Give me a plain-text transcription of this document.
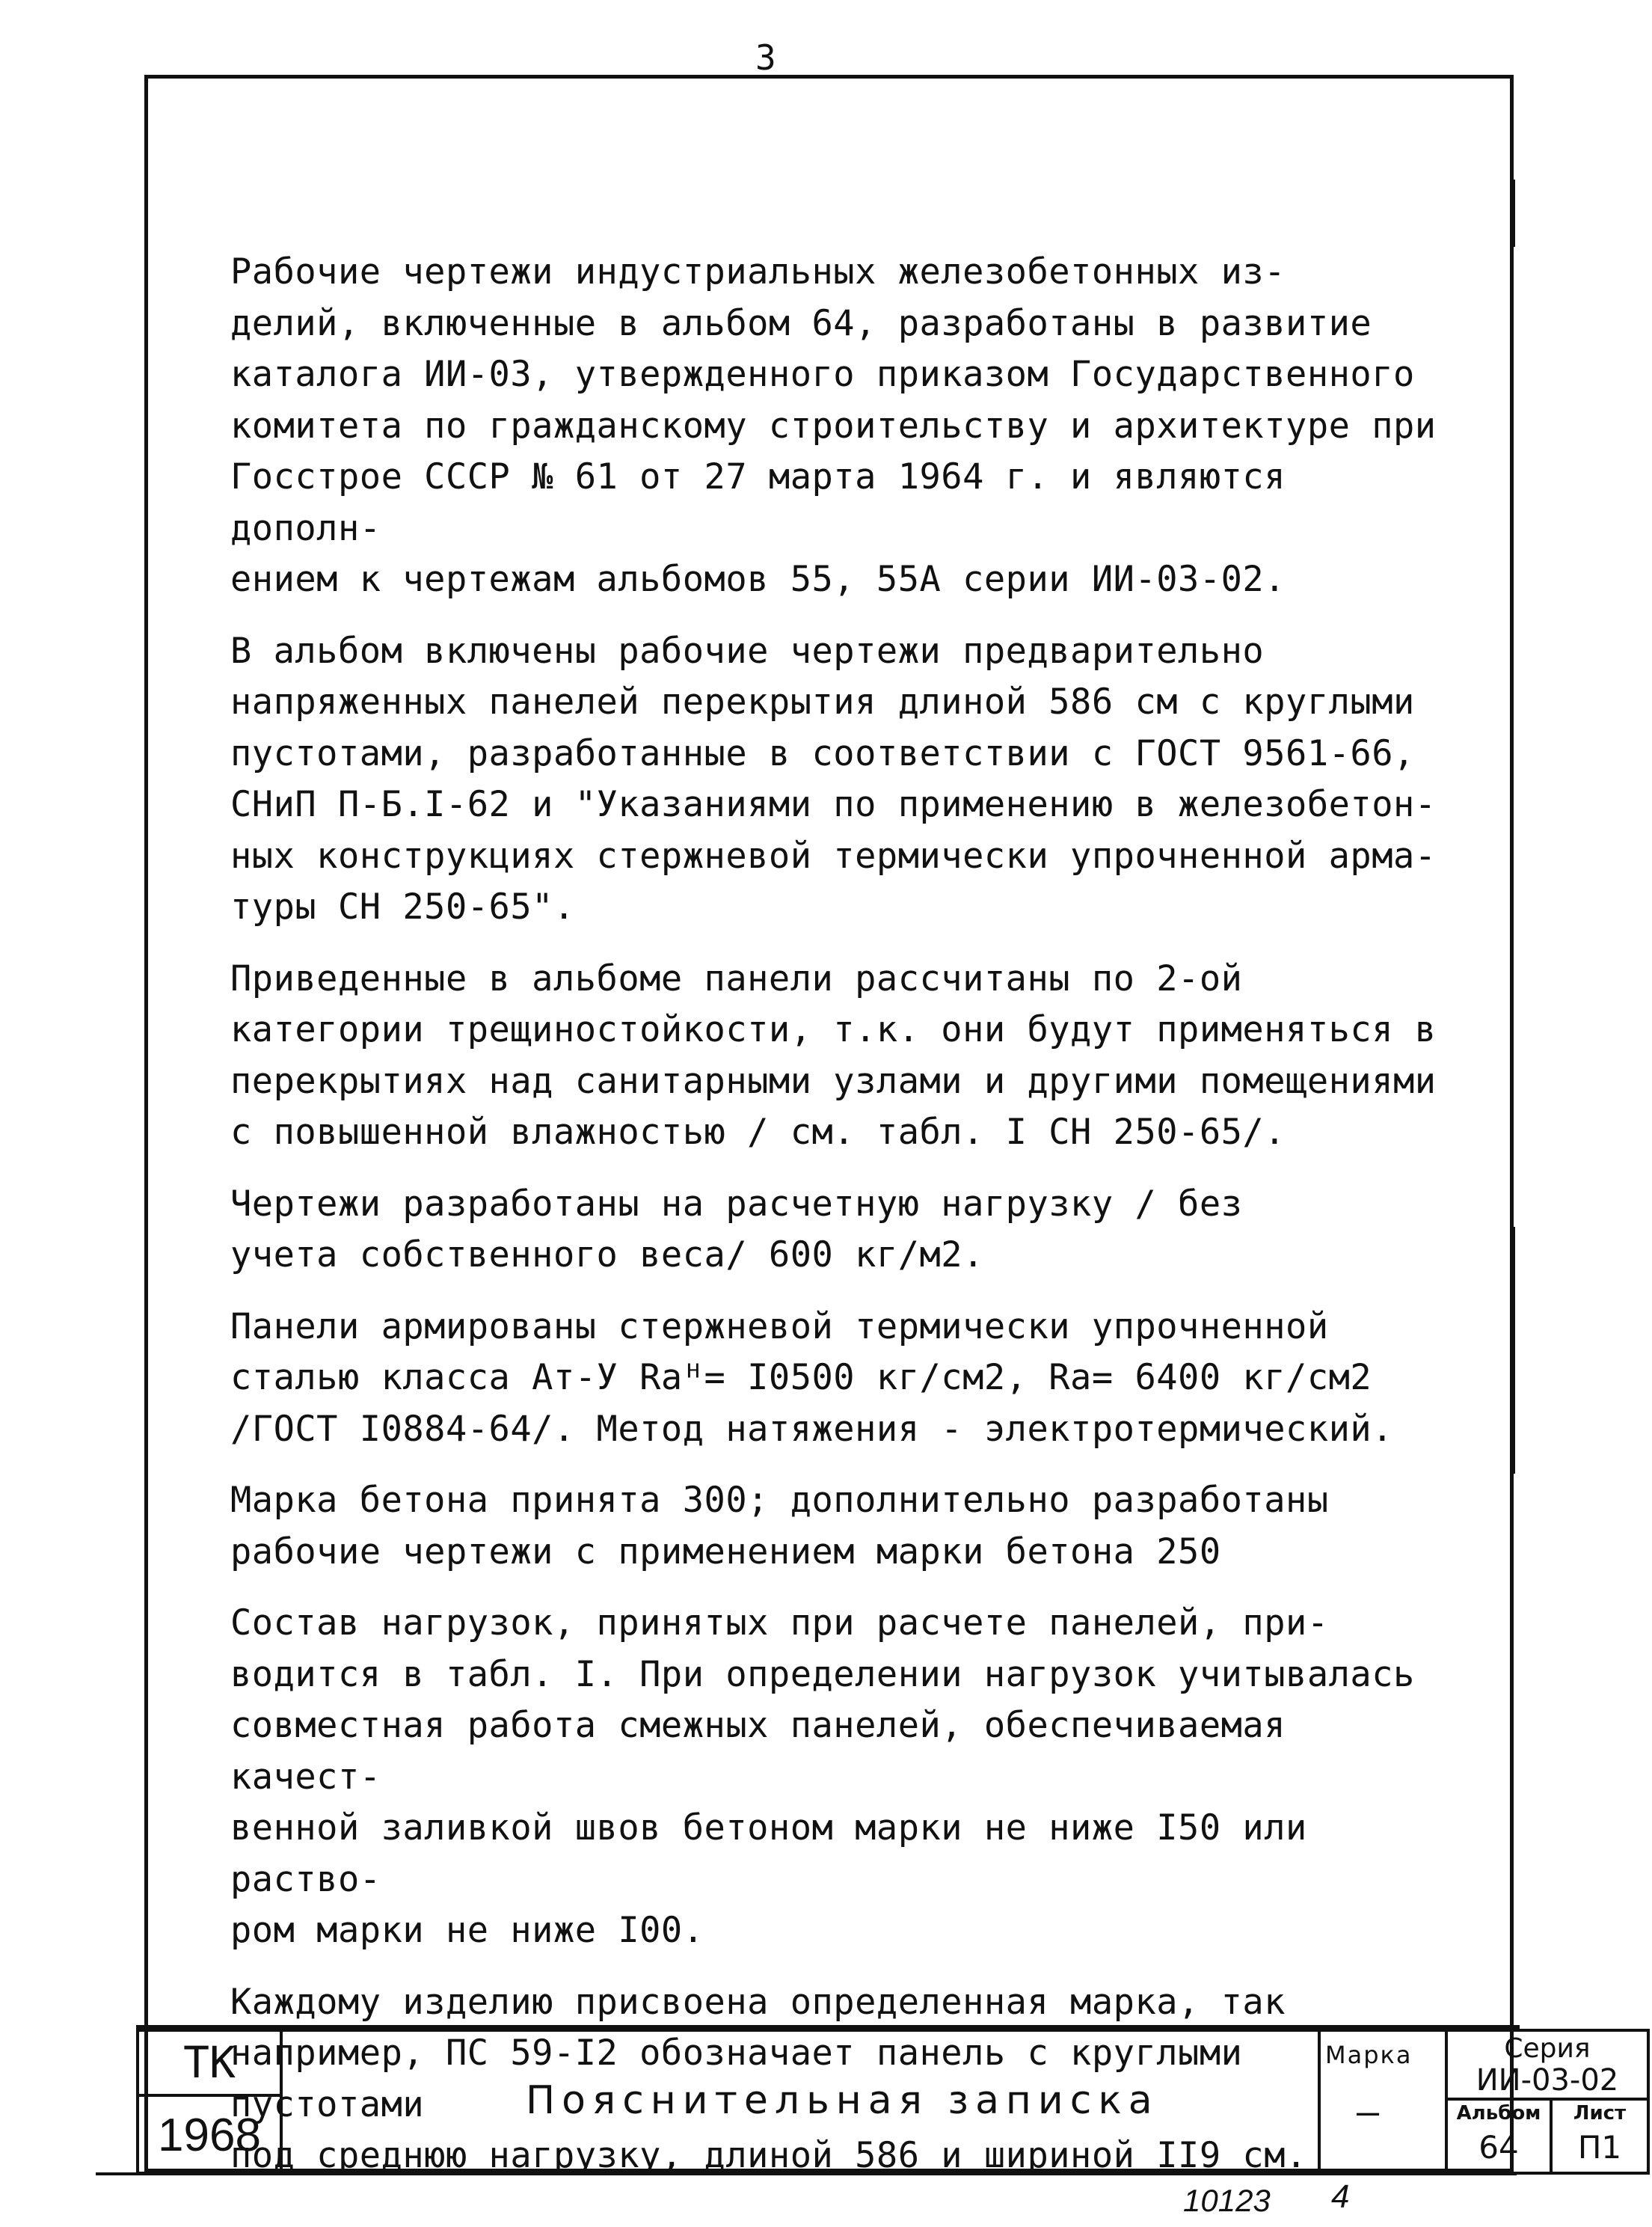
3

Рабочие чертежи индустриальных железобетонных из-
делий, включенные в альбом 64, разработаны в развитие
каталога ИИ-03, утвержденного приказом Государственного
комитета по гражданскому строительству и архитектуре при
Госстрое СССР № 61 от 27 марта 1964 г. и являются дополн-
ением к чертежам альбомов 55, 55А серии ИИ-03-02.

В альбом включены рабочие чертежи предварительно
напряженных панелей перекрытия длиной 586 см с круглыми
пустотами, разработанные в соответствии с ГОСТ 9561-66,
СНиП П-Б.I-62 и "Указаниями по применению в железобетон-
ных конструкциях стержневой термически упрочненной арма-
туры СН 250-65".

Приведенные в альбоме панели рассчитаны по 2-ой
категории трещиностойкости, т.к. они будут применяться в
перекрытиях над санитарными узлами и другими помещениями
с повышенной влажностью / см. табл. I СН 250-65/.

Чертежи разработаны на расчетную нагрузку / без
учета собственного веса/ 600 кг/м2.

Панели армированы стержневой термически упрочненной
сталью класса Ат-У Rаᴴ= I0500 кг/см2, Rа= 6400 кг/см2
/ГОСТ I0884-64/. Метод натяжения - электротермический.

Марка бетона принята 300; дополнительно разработаны
рабочие чертежи с применением марки бетона 250

Состав нагрузок, принятых при расчете панелей, при-
водится в табл. I. При определении нагрузок учитывалась
совместная работа смежных панелей, обеспечиваемая качест-
венной заливкой швов бетоном марки не ниже I50 или раство-
ром марки не ниже I00.

Каждому изделию присвоена определенная марка, так
например, ПС 59-I2 обозначает панель с круглыми пустотами
под среднюю нагрузку, длиной 586 и шириной II9 см.

ТК
1968
Пояснительная записка
Марка
—
Серия
ИИ-03-02
Альбом
64
Лист
П1
10123 4
